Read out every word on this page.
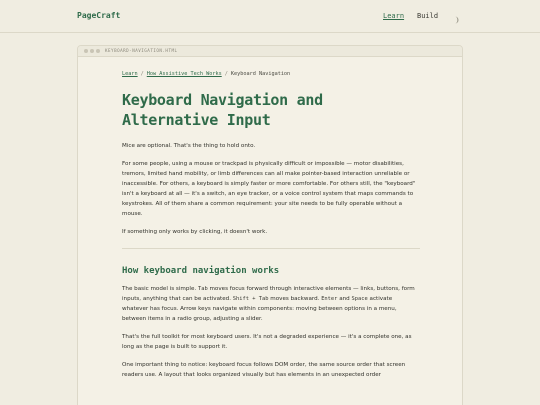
PageCraft	Learn Build
KEYBOARD-NAVIGATION.HTML
Learn / How Assistive Tech Works / Keyboard Navigation
Keyboard Navigation and
Alternative Input

Mice are optional. That's the thing to hold onto.

For some people, using a mouse or trackpad is physically difficult or impossible — motor disabilities, tremors, limited hand mobility, or limb differences can all make pointer-based interaction unreliable or inaccessible. For others, a keyboard is simply faster or more comfortable. For others still, the "keyboard" isn't a keyboard at all — it's a switch, an eye tracker, or a voice control system that maps commands to keystrokes. All of them share a common requirement: your site needs to be fully operable without a mouse.

If something only works by clicking, it doesn't work.

How keyboard navigation works

The basic model is simple. Tab moves focus forward through interactive elements — links, buttons, form inputs, anything that can be activated. Shift + Tab moves backward. Enter and Space activate whatever has focus. Arrow keys navigate within components: moving between options in a menu, between items in a radio group, adjusting a slider.

That's the full toolkit for most keyboard users. It's not a degraded experience — it's a complete one, as long as the page is built to support it.

One important thing to notice: keyboard focus follows DOM order, the same source order that screen readers use. A layout that looks organized visually but has elements in an unexpected order
